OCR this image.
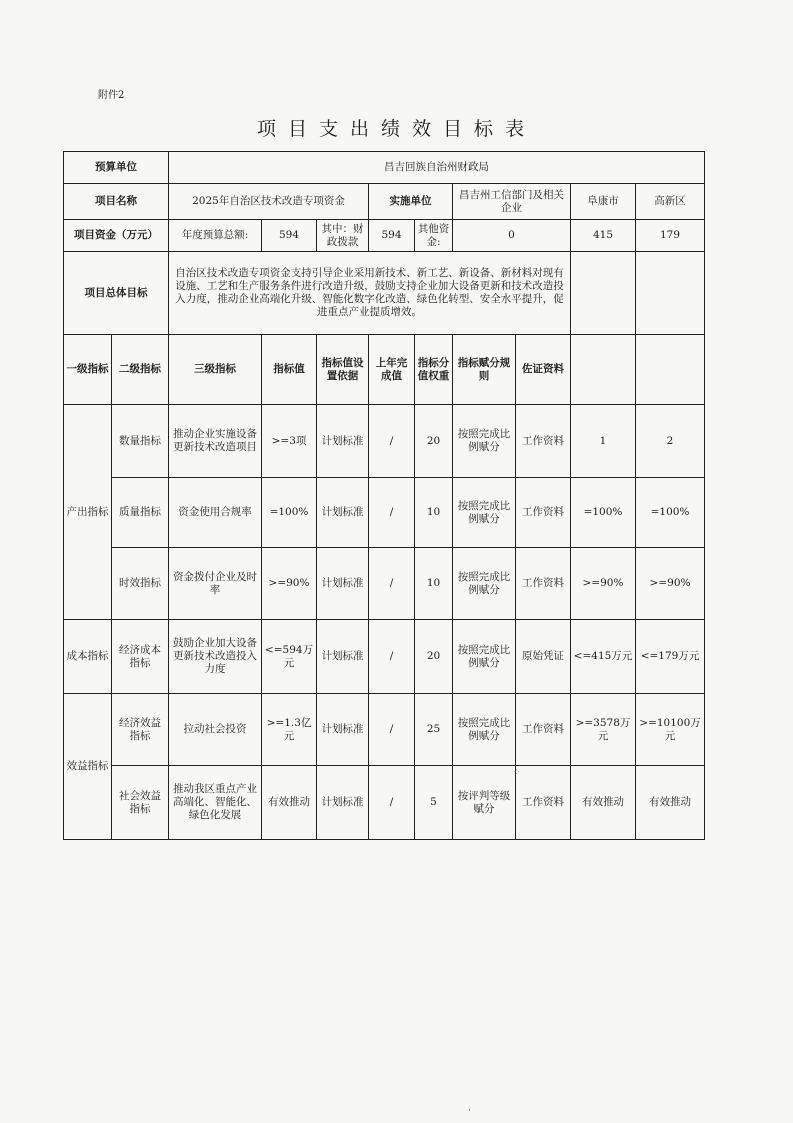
附件2
项目支出绩效目标表
预算单位		昌吉回族自治州财政局								
项目名称		2025年自治区技术改造专项资金			实施单位		昌吉州工信部门及相关企业		阜康市	高新区
项目资金（万元）		年度预算总额:	594	其中：财政拨款	594	其他资金:	0		415	179
项目总体目标		自治区技术改造专项资金支持引导企业采用新技术、新工艺、新设备、新材料对现有设施、工艺和生产服务条件进行改造升级，鼓励支持企业加大设备更新和技术改造投入力度，推动企业高端化升级、智能化数字化改造、绿色化转型、安全水平提升，促进重点产业提质增效。								
一级指标	二级指标	三级指标	指标值	指标值设置依据	上年完成值	指标分值权重	指标赋分规则	佐证资料		
产出指标	数量指标	推动企业实施设备更新技术改造项目	>=3项	计划标准	/	20	按照完成比例赋分	工作资料	1	2
	质量指标	资金使用合规率	=100%	计划标准	/	10	按照完成比例赋分	工作资料	=100%	=100%
	时效指标	资金拨付企业及时率	>=90%	计划标准	/	10	按照完成比例赋分	工作资料	>=90%	>=90%
成本指标	经济成本指标	鼓励企业加大设备更新技术改造投入力度	<=594万元	计划标准	/	20	按照完成比例赋分	原始凭证	<=415万元	<=179万元
效益指标	经济效益指标	拉动社会投资	>=1.3亿元	计划标准	/	25	按照完成比例赋分	工作资料	>=3578万元	>=10100万元
	社会效益指标	推动我区重点产业高端化、智能化、绿色化发展	有效推动	计划标准	/	5	按评判等级赋分	工作资料	有效推动	有效推动
⁘
·
